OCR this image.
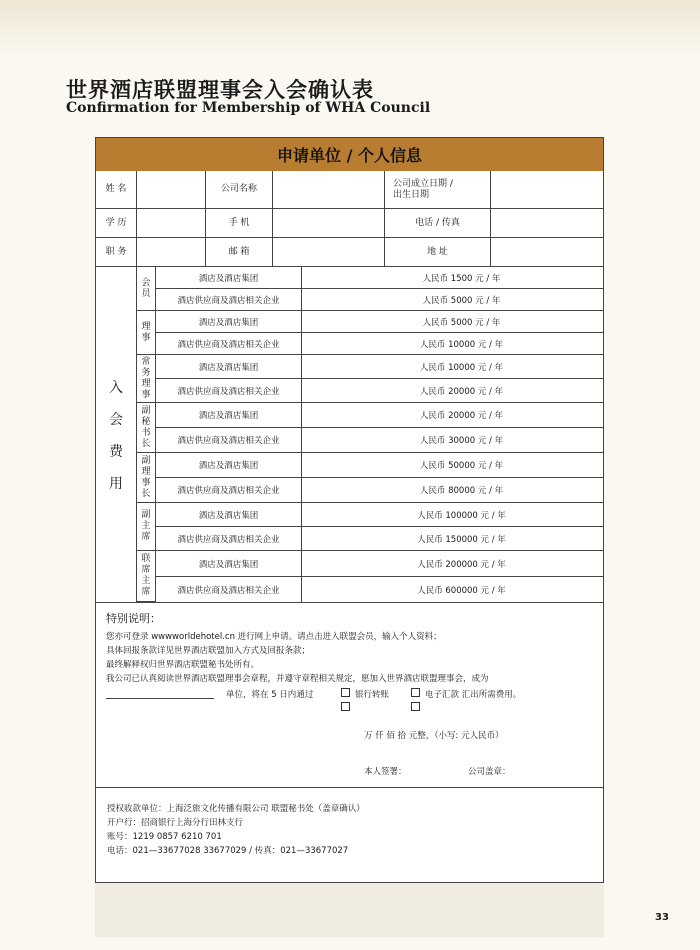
世界酒店联盟理事会入会确认表
Confirmation for Membership of WHA Council
申请单位 / 个人信息
姓 名	公司名称
公司成立日期 /
出生日期
学 历	手 机	电话 / 传真
职 务	邮 箱	地 址
入
会
费
用
会员
酒店及酒店集团	人民币 1500 元 / 年
酒店供应商及酒店相关企业	人民币 5000 元 / 年
理事
酒店及酒店集团	人民币 5000 元 / 年
酒店供应商及酒店相关企业	人民币 10000 元 / 年
常务理事
酒店及酒店集团	人民币 10000 元 / 年
酒店供应商及酒店相关企业	人民币 20000 元 / 年
副秘书长
酒店及酒店集团	人民币 20000 元 / 年
酒店供应商及酒店相关企业	人民币 30000 元 / 年
副理事长
酒店及酒店集团	人民币 50000 元 / 年
酒店供应商及酒店相关企业	人民币 80000 元 / 年
副主席
酒店及酒店集团	人民币 100000 元 / 年
酒店供应商及酒店相关企业	人民币 150000 元 / 年
联席主席
酒店及酒店集团	人民币 200000 元 / 年
酒店供应商及酒店相关企业	人民币 600000 元 / 年
特别说明：
您亦可登录 wwwworldehotel.cn 进行网上申请。请点击进入联盟会员，输入个人资料；
具体回报条款详见世界酒店联盟加入方式及回报条款；
最终解释权归世界酒店联盟秘书处所有。
我公司已认真阅读世界酒店联盟理事会章程，并遵守章程相关规定，愿加入世界酒店联盟理事会，成为
单位，将在 5 日内通过	银行转账	电子汇款 汇出所需费用。
万 仟 佰 拾 元整，（小写: 元人民币）
本人签署：	公司盖章：
授权收款单位：上海泛旅文化传播有限公司 联盟秘书处（盖章确认）
开户行：招商银行上海分行田林支行
账号：1219 0857 6210 701
电话：021—33677028 33677029 / 传真：021—33677027
33
